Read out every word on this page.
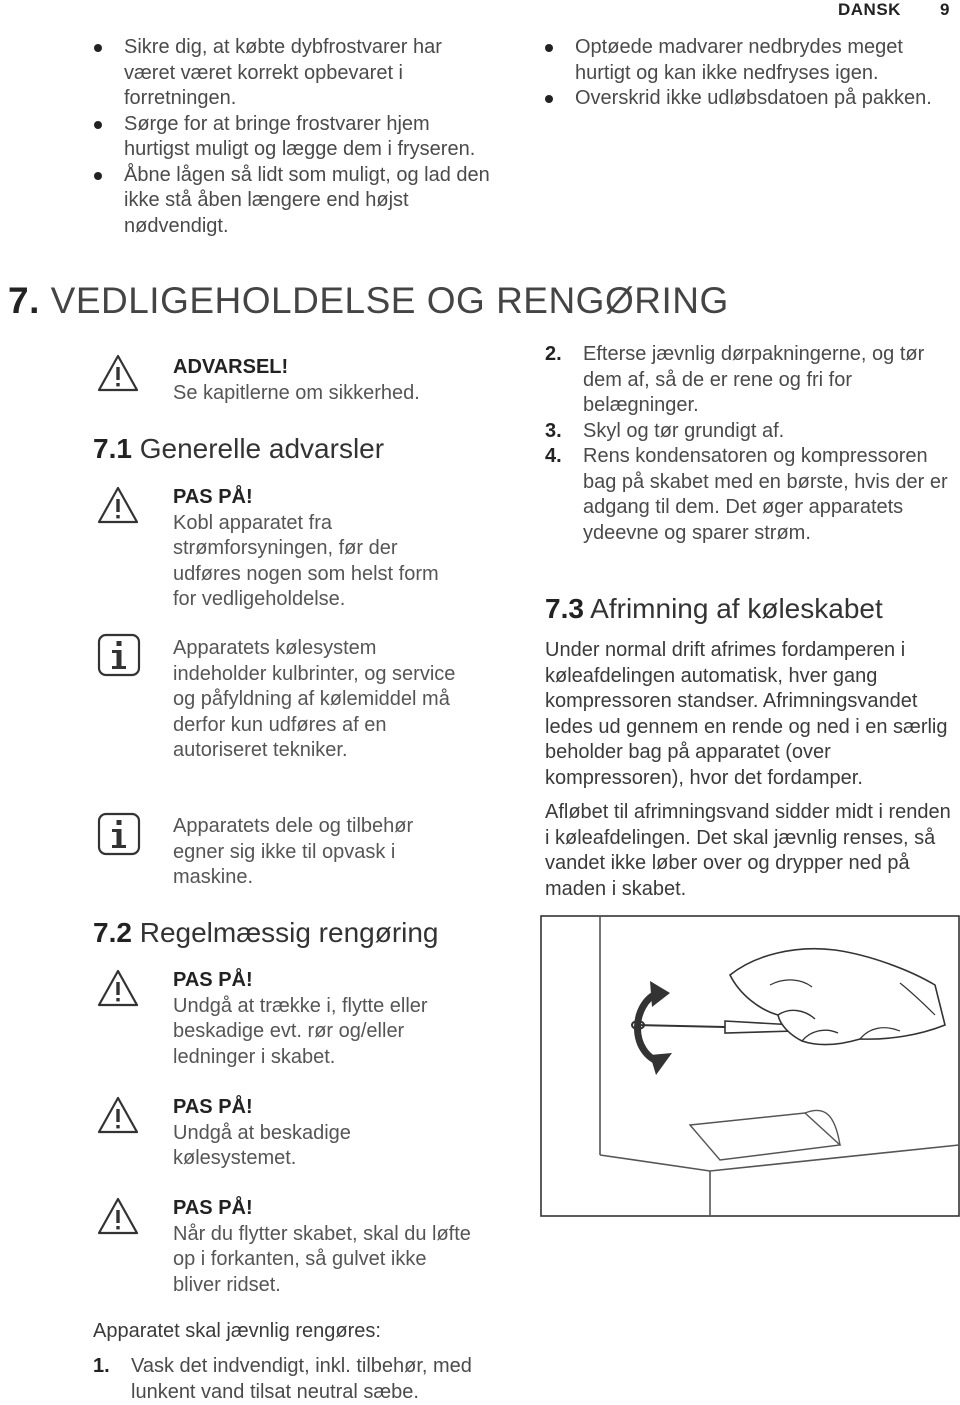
DANSK 9
Sikre dig, at købte dybfrostvarer har været været korrekt opbevaret i forretningen.
Sørge for at bringe frostvarer hjem hurtigst muligt og lægge dem i fryseren.
Åbne lågen så lidt som muligt, og lad den ikke stå åben længere end højst nødvendigt.
Optøede madvarer nedbrydes meget hurtigt og kan ikke nedfryses igen.
Overskrid ikke udløbsdatoen på pakken.
7. VEDLIGEHOLDELSE OG RENGØRING
ADVARSEL!
Se kapitlerne om sikkerhed.
7.1 Generelle advarsler
PAS PÅ!
Kobl apparatet fra strømforsyningen, før der udføres nogen som helst form for vedligeholdelse.
Apparatets kølesystem indeholder kulbrinter, og service og påfyldning af kølemiddel må derfor kun udføres af en autoriseret tekniker.
Apparatets dele og tilbehør egner sig ikke til opvask i maskine.
7.2 Regelmæssig rengøring
PAS PÅ!
Undgå at trække i, flytte eller beskadige evt. rør og/eller ledninger i skabet.
PAS PÅ!
Undgå at beskadige kølesystemet.
PAS PÅ!
Når du flytter skabet, skal du løfte op i forkanten, så gulvet ikke bliver ridset.
Apparatet skal jævnlig rengøres:
1. Vask det indvendigt, inkl. tilbehør, med lunkent vand tilsat neutral sæbe.
2. Efterse jævnlig dørpakningerne, og tør dem af, så de er rene og fri for belægninger.
3. Skyl og tør grundigt af.
4. Rens kondensatoren og kompressoren bag på skabet med en børste, hvis der er adgang til dem. Det øger apparatets ydeevne og sparer strøm.
7.3 Afrimning af køleskabet
Under normal drift afrimes fordamperen i køleafdelingen automatisk, hver gang kompressoren standser. Afrimningsvandet ledes ud gennem en rende og ned i en særlig beholder bag på apparatet (over kompressoren), hvor det fordamper.
Afløbet til afrimningsvand sidder midt i renden i køleafdelingen. Det skal jævnlig renses, så vandet ikke løber over og drypper ned på maden i skabet.
